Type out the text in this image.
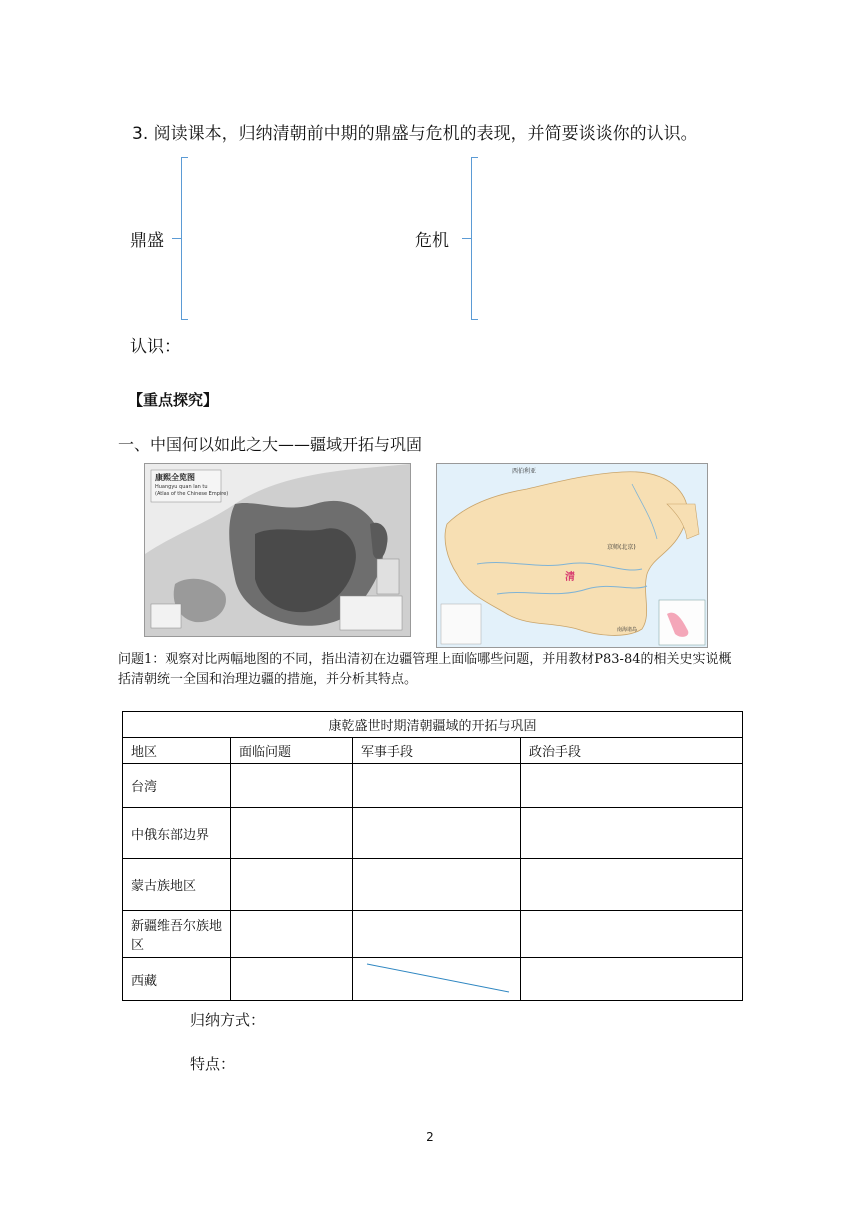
3. 阅读课本，归纳清朝前中期的鼎盛与危机的表现，并简要谈谈你的认识。
鼎盛	危机
认识：
【重点探究】
一、中国何以如此之大——疆域开拓与巩固
康熙全览图
Huangyu quan lan tu
(Atlas of the Chinese Empire)
清
京师(北京)
西伯利亚
南海诸岛
问题1：观察对比两幅地图的不同，指出清初在边疆管理上面临哪些问题，并用教材P83-84的相关史实说概括清朝统一全国和治理边疆的措施，并分析其特点。
康乾盛世时期清朝疆域的开拓与巩固			
地区	面临问题	军事手段	政治手段
台湾			
中俄东部边界			
蒙古族地区			
新疆维吾尔族地区			
西藏		

归纳方式：
特点：
2
